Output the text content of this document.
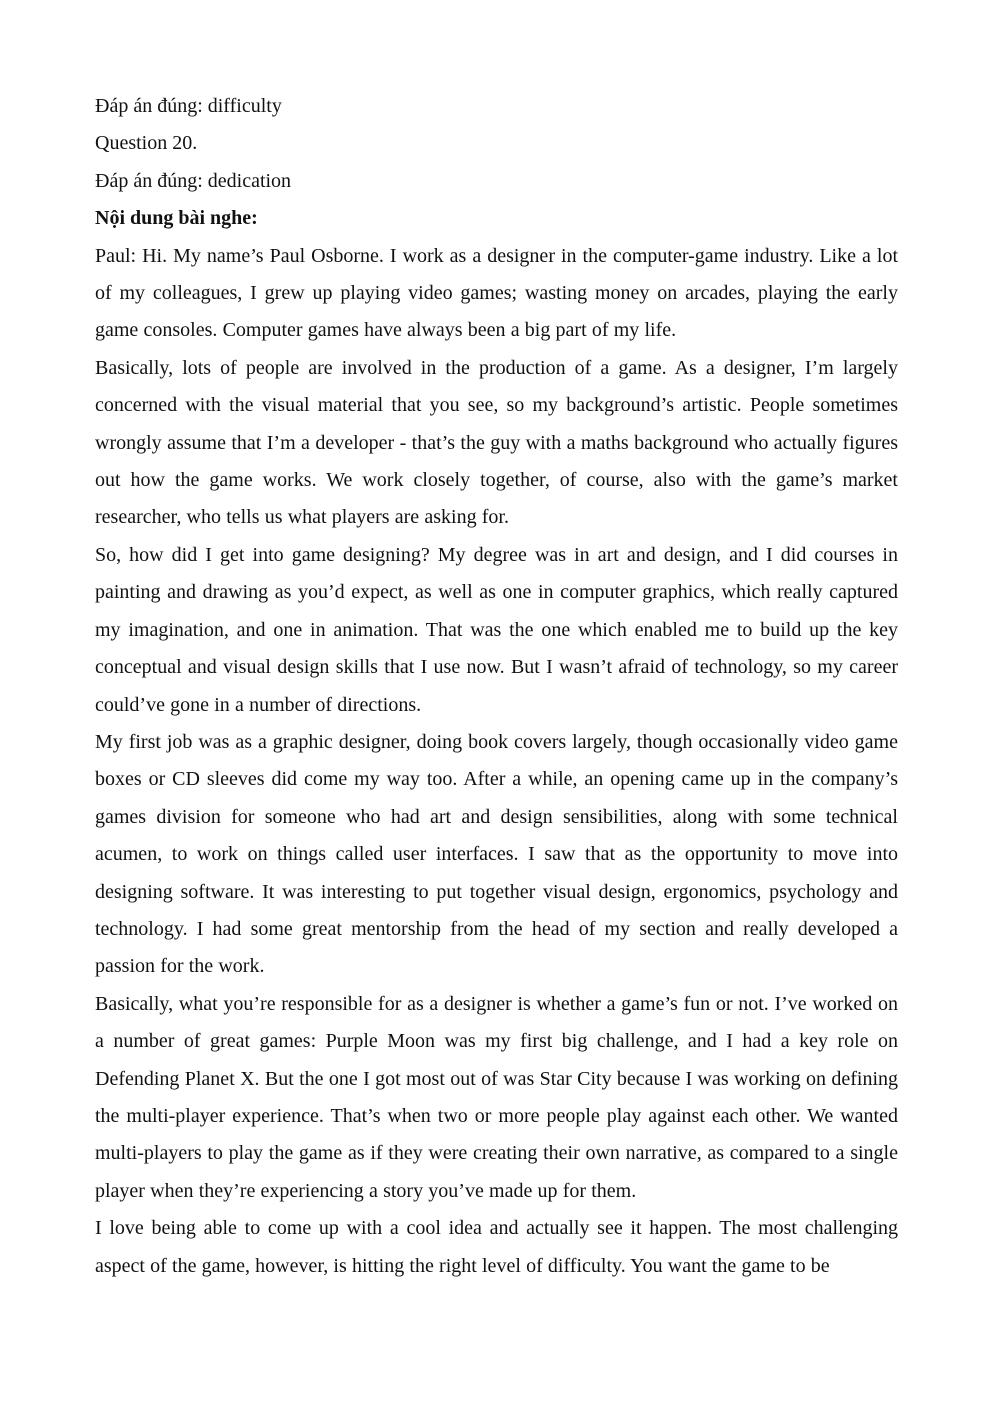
Đáp án đúng: difficulty

Question 20.

Đáp án đúng: dedication

Nội dung bài nghe:

Paul: Hi. My name’s Paul Osborne. I work as a designer in the computer-game industry. Like a lot of my colleagues, I grew up playing video games; wasting money on arcades, playing the early game consoles. Computer games have always been a big part of my life.

Basically, lots of people are involved in the production of a game. As a designer, I’m largely concerned with the visual material that you see, so my background’s artistic. People sometimes wrongly assume that I’m a developer - that’s the guy with a maths background who actually figures out how the game works. We work closely together, of course, also with the game’s market researcher, who tells us what players are asking for.

So, how did I get into game designing? My degree was in art and design, and I did courses in painting and drawing as you’d expect, as well as one in computer graphics, which really captured my imagination, and one in animation. That was the one which enabled me to build up the key conceptual and visual design skills that I use now. But I wasn’t afraid of technology, so my career could’ve gone in a number of directions.

My first job was as a graphic designer, doing book covers largely, though occasionally video game boxes or CD sleeves did come my way too. After a while, an opening came up in the company’s games division for someone who had art and design sensibilities, along with some technical acumen, to work on things called user interfaces. I saw that as the opportunity to move into designing software. It was interesting to put together visual design, ergonomics, psychology and technology. I had some great mentorship from the head of my section and really developed a passion for the work.

Basically, what you’re responsible for as a designer is whether a game’s fun or not. I’ve worked on a number of great games: Purple Moon was my first big challenge, and I had a key role on Defending Planet X. But the one I got most out of was Star City because I was working on defining the multi-player experience. That’s when two or more people play against each other. We wanted multi-players to play the game as if they were creating their own narrative, as compared to a single player when they’re experiencing a story you’ve made up for them.

I love being able to come up with a cool idea and actually see it happen. The most challenging aspect of the game, however, is hitting the right level of difficulty. You want the game to be
